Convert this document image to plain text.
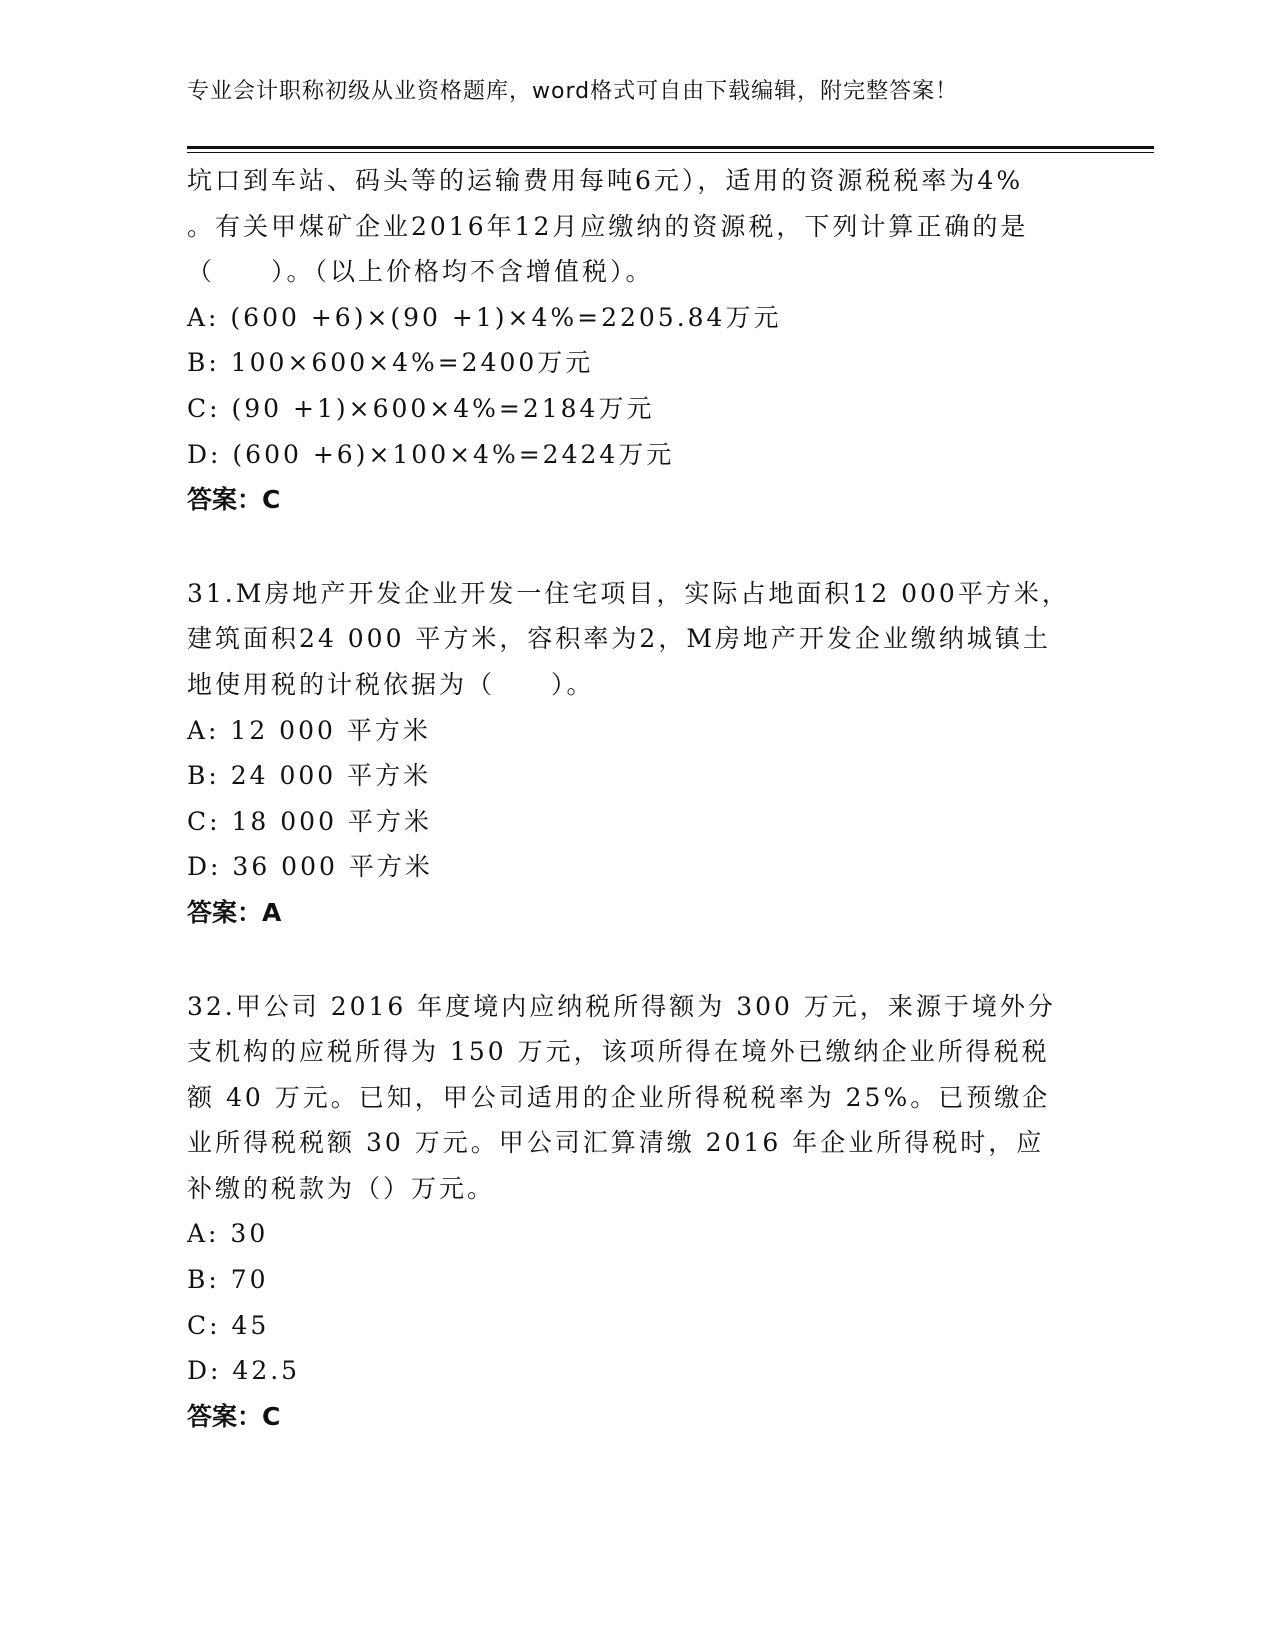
专业会计职称初级从业资格题库，word格式可自由下载编辑，附完整答案！
坑口到车站、码头等的运输费用每吨6元），适用的资源税税率为4%
。有关甲煤矿企业2016年12月应缴纳的资源税，下列计算正确的是
（　　）。（以上价格均不含增值税）。
A: (600 +6)×(90 +1)×4%=2205.84万元
B: 100×600×4%=2400万元
C: (90 +1)×600×4%=2184万元
D: (600 +6)×100×4%=2424万元
答案：C
31.M房地产开发企业开发一住宅项目，实际占地面积12 000平方米，
建筑面积24 000 平方米，容积率为2，M房地产开发企业缴纳城镇土
地使用税的计税依据为（　　）。
A: 12 000 平方米
B: 24 000 平方米
C: 18 000 平方米
D: 36 000 平方米
答案：A
32.甲公司 2016 年度境内应纳税所得额为 300 万元，来源于境外分
支机构的应税所得为 150 万元，该项所得在境外已缴纳企业所得税税
额 40 万元。已知，甲公司适用的企业所得税税率为 25%。已预缴企
业所得税税额 30 万元。甲公司汇算清缴 2016 年企业所得税时，应
补缴的税款为（）万元。
A: 30
B: 70
C: 45
D: 42.5
答案：C
